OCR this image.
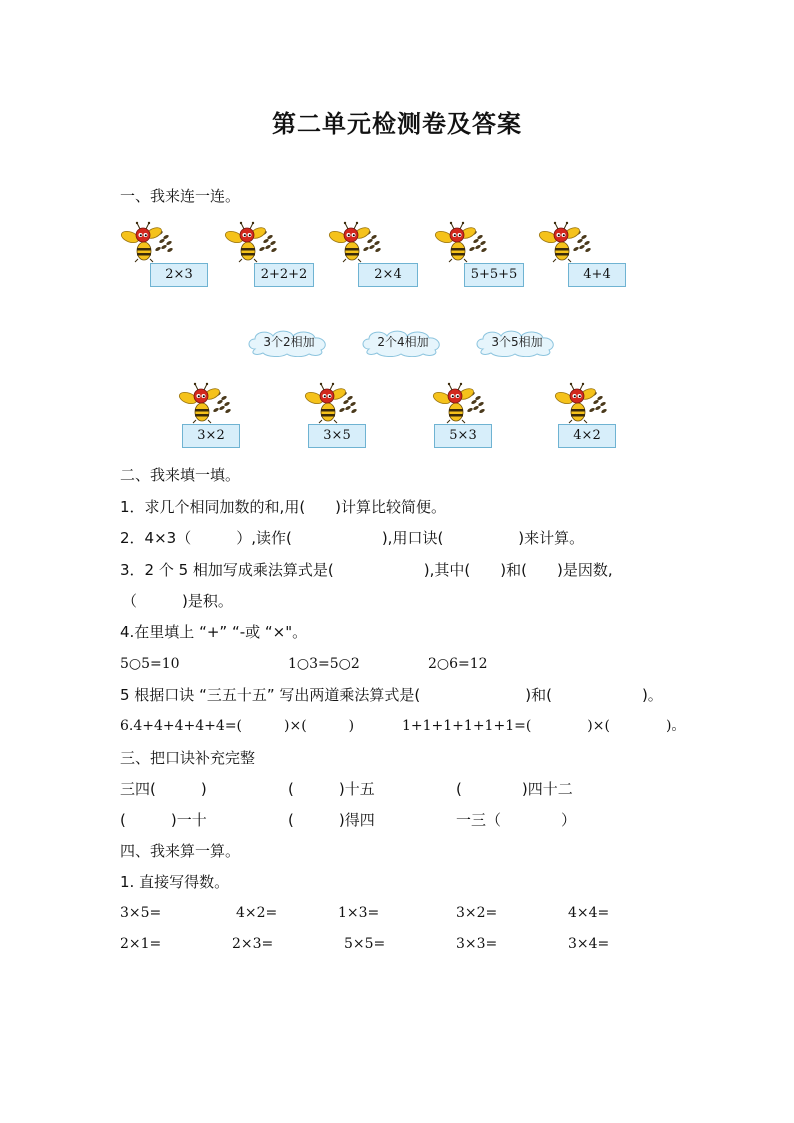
第二单元检测卷及答案
一、我来连一连。
2×3	2+2+2	2×4	5+5+5	4+4
3个2相加	2个4相加	3个5相加
3×2	3×5	5×3	4×2
二、我来填一填。
1．求几个相同加数的和,用(　　)计算比较简便。
2．4×3（　　　）,读作(　　　　　　),用口诀(　　　　　)来计算。
3．2 个 5 相加写成乘法算式是(　　　　　　),其中(　　)和(　　)是因数,
（　　　)是积。
4.在里填上 “+” “-或 “×"。
5○5=10	1○3=5○2	2○6=12
5 根据口诀 “三五十五” 写出两道乘法算式是(　　　　　　　)和(　　　　　　)。
6.4+4+4+4+4=(　　　)×(　　　)	1+1+1+1+1+1=(　　　　)×(　　　　)。
三、把口诀补充完整
三四(　　　)	(　　　)十五	(　　　　)四十二
(　　　)一十	(　　　)得四	一三（　　　　）
四、我来算一算。
1. 直接写得数。
3×5=	4×2=	1×3=	3×2=	4×4=
2×1=	2×3=	5×5=	3×3=	3×4=
